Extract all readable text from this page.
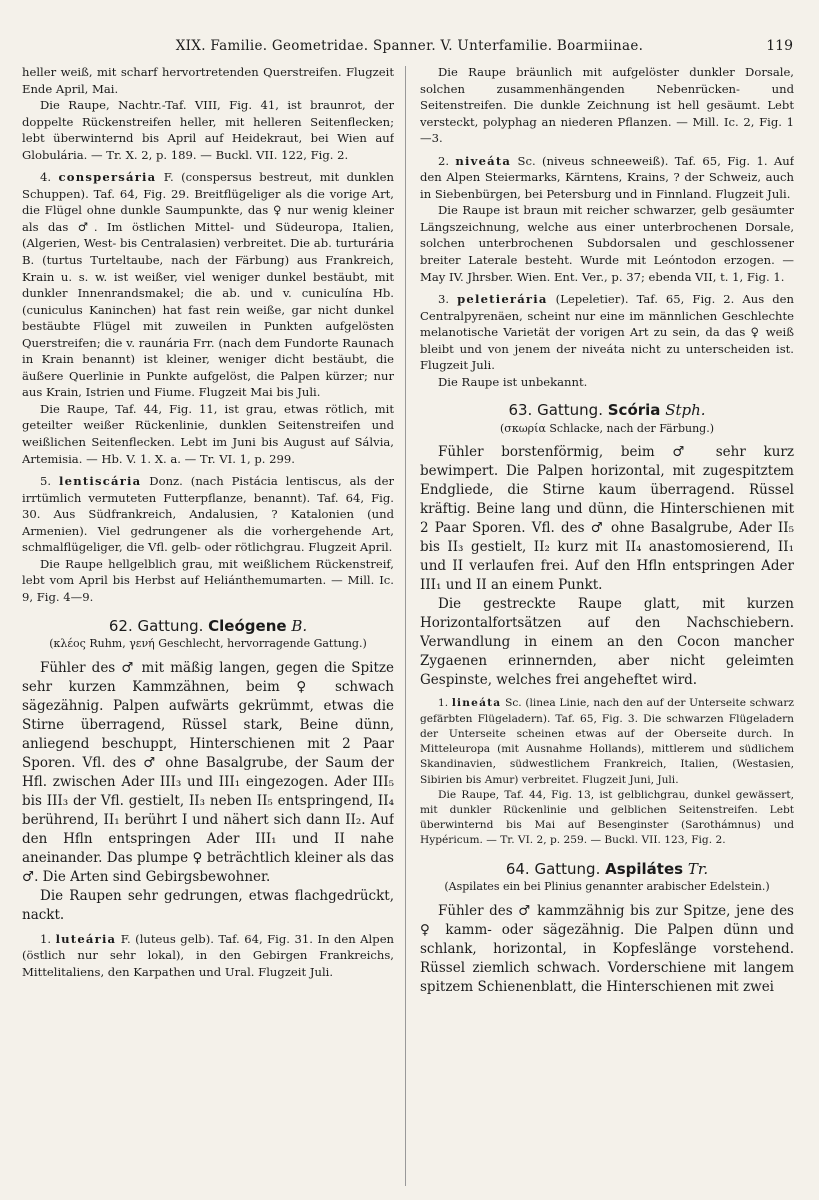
XIX. Familie. Geometridae. Spanner. V. Unterfamilie. Boarmiinae.	119

heller weiß, mit scharf hervortretenden Querstreifen. Flugzeit Ende April, Mai.

Die Raupe, Nachtr.-Taf. VIII, Fig. 41, ist braunrot, der doppelte Rückenstreifen heller, mit helleren Seitenflecken; lebt überwinternd bis April auf Heidekraut, bei Wien auf Globulária. — Tr. X. 2, p. 189. — Buckl. VII. 122, Fig. 2.

4. conspersária F. (conspersus bestreut, mit dunklen Schuppen). Taf. 64, Fig. 29. Breitflügeliger als die vorige Art, die Flügel ohne dunkle Saumpunkte, das ♀ nur wenig kleiner als das ♂. Im östlichen Mittel- und Südeuropa, Italien, (Algerien, West- bis Centralasien) verbreitet. Die ab. turturária B. (turtus Turteltaube, nach der Färbung) aus Frankreich, Krain u. s. w. ist weißer, viel weniger dunkel bestäubt, mit dunkler Innenrandsmakel; die ab. und v. cuniculína Hb. (cuniculus Kaninchen) hat fast rein weiße, gar nicht dunkel bestäubte Flügel mit zuweilen in Punkten aufgelösten Querstreifen; die v. raunária Frr. (nach dem Fundorte Raunach in Krain benannt) ist kleiner, weniger dicht bestäubt, die äußere Querlinie in Punkte aufgelöst, die Palpen kürzer; nur aus Krain, Istrien und Fiume. Flugzeit Mai bis Juli.

Die Raupe, Taf. 44, Fig. 11, ist grau, etwas rötlich, mit geteilter weißer Rückenlinie, dunklen Seitenstreifen und weißlichen Seitenflecken. Lebt im Juni bis August auf Sálvia, Artemisia. — Hb. V. 1. X. a. — Tr. VI. 1, p. 299.

5. lentiscária Donz. (nach Pistácia lentiscus, als der irrtümlich vermuteten Futterpflanze, benannt). Taf. 64, Fig. 30. Aus Südfrankreich, Andalusien, ? Katalonien (und Armenien). Viel gedrungener als die vorhergehende Art, schmalflügeliger, die Vfl. gelb- oder rötlichgrau. Flugzeit April.

Die Raupe hellgelblich grau, mit weißlichem Rückenstreif, lebt vom April bis Herbst auf Heliánthemumarten. — Mill. Ic. 9, Fig. 4—9.

62. Gattung. Cleógene B.
(κλέος Ruhm, γενή Geschlecht, hervorragende Gattung.)

Fühler des ♂ mit mäßig langen, gegen die Spitze sehr kurzen Kammzähnen, beim ♀ schwach sägezähnig. Palpen aufwärts gekrümmt, etwas die Stirne überragend, Rüssel stark, Beine dünn, anliegend beschuppt, Hinterschienen mit 2 Paar Sporen. Vfl. des ♂ ohne Basalgrube, der Saum der Hfl. zwischen Ader III₃ und III₁ eingezogen. Ader III₅ bis III₃ der Vfl. gestielt, II₃ neben II₅ entspringend, II₄ berührend, II₁ berührt I und nähert sich dann II₂. Auf den Hfln entspringen Ader III₁ und II nahe aneinander. Das plumpe ♀ beträchtlich kleiner als das ♂. Die Arten sind Gebirgsbewohner.

Die Raupen sehr gedrungen, etwas flachgedrückt, nackt.

1. luteária F. (luteus gelb). Taf. 64, Fig. 31. In den Alpen (östlich nur sehr lokal), in den Gebirgen Frankreichs, Mittelitaliens, den Karpathen und Ural. Flugzeit Juli.

Die Raupe bräunlich mit aufgelöster dunkler Dorsale, solchen zusammenhängenden Nebenrücken- und Seitenstreifen. Die dunkle Zeichnung ist hell gesäumt. Lebt versteckt, polyphag an niederen Pflanzen. — Mill. Ic. 2, Fig. 1—3.

2. niveáta Sc. (niveus schneeweiß). Taf. 65, Fig. 1. Auf den Alpen Steiermarks, Kärntens, Krains, ? der Schweiz, auch in Siebenbürgen, bei Petersburg und in Finnland. Flugzeit Juli.

Die Raupe ist braun mit reicher schwarzer, gelb gesäumter Längszeichnung, welche aus einer unterbrochenen Dorsale, solchen unterbrochenen Subdorsalen und geschlossener breiter Laterale besteht. Wurde mit Leóntodon erzogen. — May IV. Jhrsber. Wien. Ent. Ver., p. 37; ebenda VII, t. 1, Fig. 1.

3. peletierária (Lepeletier). Taf. 65, Fig. 2. Aus den Centralpyrenäen, scheint nur eine im männlichen Geschlechte melanotische Varietät der vorigen Art zu sein, da das ♀ weiß bleibt und von jenem der niveáta nicht zu unterscheiden ist. Flugzeit Juli.

Die Raupe ist unbekannt.

63. Gattung. Scória Stph.
(σκωρία Schlacke, nach der Färbung.)

Fühler borstenförmig, beim ♂ sehr kurz bewimpert. Die Palpen horizontal, mit zugespitztem Endgliede, die Stirne kaum überragend. Rüssel kräftig. Beine lang und dünn, die Hinterschienen mit 2 Paar Sporen. Vfl. des ♂ ohne Basalgrube, Ader II₅ bis II₃ gestielt, II₂ kurz mit II₄ anastomosierend, II₁ und II verlaufen frei. Auf den Hfln entspringen Ader III₁ und II an einem Punkt.

Die gestreckte Raupe glatt, mit kurzen Horizontalfortsätzen auf den Nachschiebern. Verwandlung in einem an den Cocon mancher Zygaenen erinnernden, aber nicht geleimten Gespinste, welches frei angeheftet wird.

1. lineáta Sc. (linea Linie, nach den auf der Unterseite schwarz gefärbten Flügeladern). Taf. 65, Fig. 3. Die schwarzen Flügeladern der Unterseite scheinen etwas auf der Oberseite durch. In Mitteleuropa (mit Ausnahme Hollands), mittlerem und südlichem Skandinavien, südwestlichem Frankreich, Italien, (Westasien, Sibirien bis Amur) verbreitet. Flugzeit Juni, Juli.

Die Raupe, Taf. 44, Fig. 13, ist gelblichgrau, dunkel gewässert, mit dunkler Rückenlinie und gelblichen Seitenstreifen. Lebt überwinternd bis Mai auf Besenginster (Sarothámnus) und Hypéricum. — Tr. VI. 2, p. 259. — Buckl. VII. 123, Fig. 2.

64. Gattung. Aspilátes Tr.
(Aspilates ein bei Plinius genannter arabischer Edelstein.)

Fühler des ♂ kammzähnig bis zur Spitze, jene des ♀ kamm- oder sägezähnig. Die Palpen dünn und schlank, horizontal, in Kopfeslänge vorstehend. Rüssel ziemlich schwach. Vorderschiene mit langem spitzem Schienenblatt, die Hinterschienen mit zwei
